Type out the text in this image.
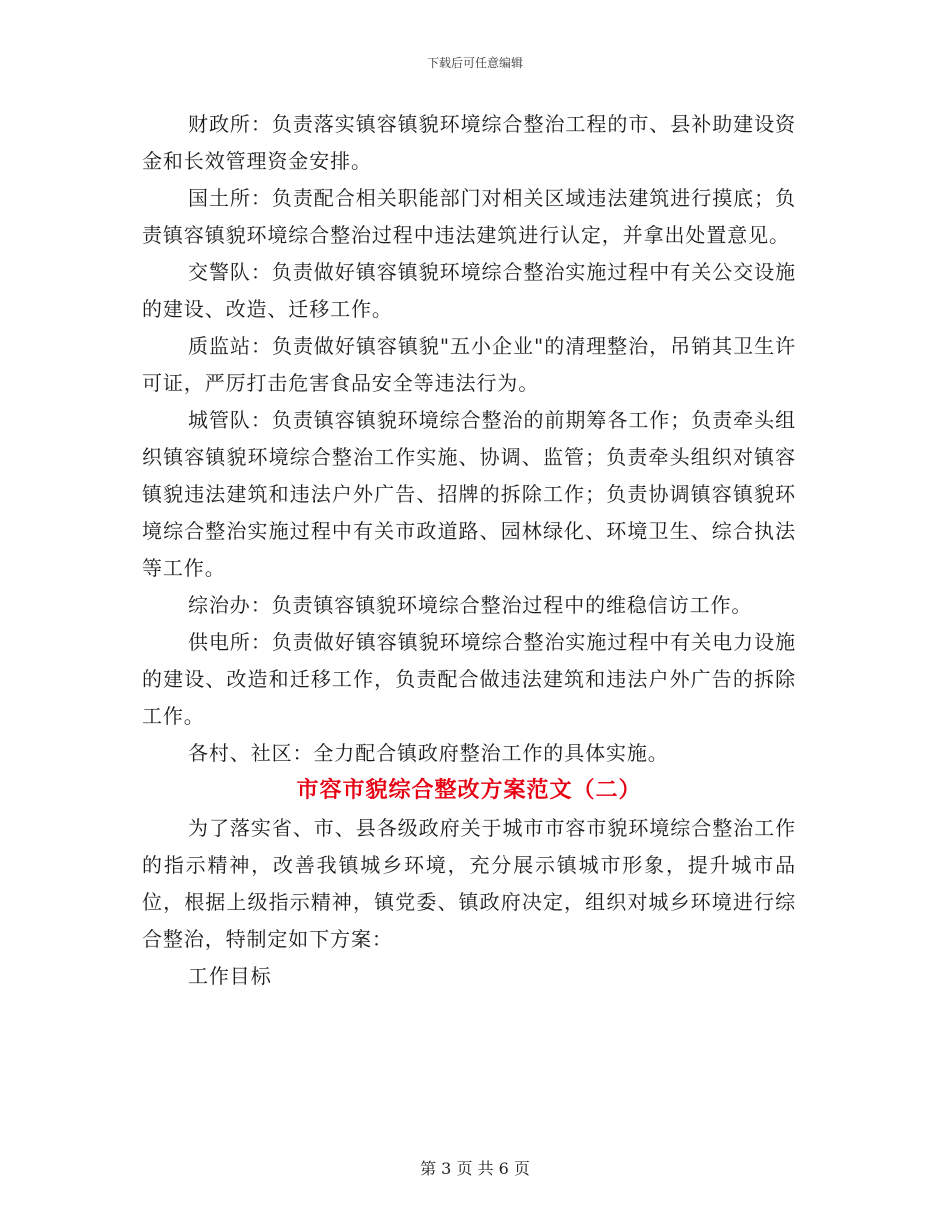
下载后可任意编辑

财政所：负责落实镇容镇貌环境综合整治工程的市、县补助建设资金和长效管理资金安排。

国土所：负责配合相关职能部门对相关区域违法建筑进行摸底；负责镇容镇貌环境综合整治过程中违法建筑进行认定，并拿出处置意见。

交警队：负责做好镇容镇貌环境综合整治实施过程中有关公交设施的建设、改造、迁移工作。

质监站：负责做好镇容镇貌"五小企业"的清理整治，吊销其卫生许可证，严厉打击危害食品安全等违法行为。

城管队：负责镇容镇貌环境综合整治的前期筹各工作；负责牵头组织镇容镇貌环境综合整治工作实施、协调、监管；负责牵头组织对镇容镇貌违法建筑和违法户外广告、招牌的拆除工作；负责协调镇容镇貌环境综合整治实施过程中有关市政道路、园林绿化、环境卫生、综合执法等工作。

综治办：负责镇容镇貌环境综合整治过程中的维稳信访工作。

供电所：负责做好镇容镇貌环境综合整治实施过程中有关电力设施的建设、改造和迁移工作，负责配合做违法建筑和违法户外广告的拆除工作。

各村、社区：全力配合镇政府整治工作的具体实施。

市容市貌综合整改方案范文（二）

为了落实省、市、县各级政府关于城市市容市貌环境综合整治工作的指示精神，改善我镇城乡环境，充分展示镇城市形象，提升城市品位，根据上级指示精神，镇党委、镇政府决定，组织对城乡环境进行综合整治，特制定如下方案：

工作目标

第 3 页 共 6 页
